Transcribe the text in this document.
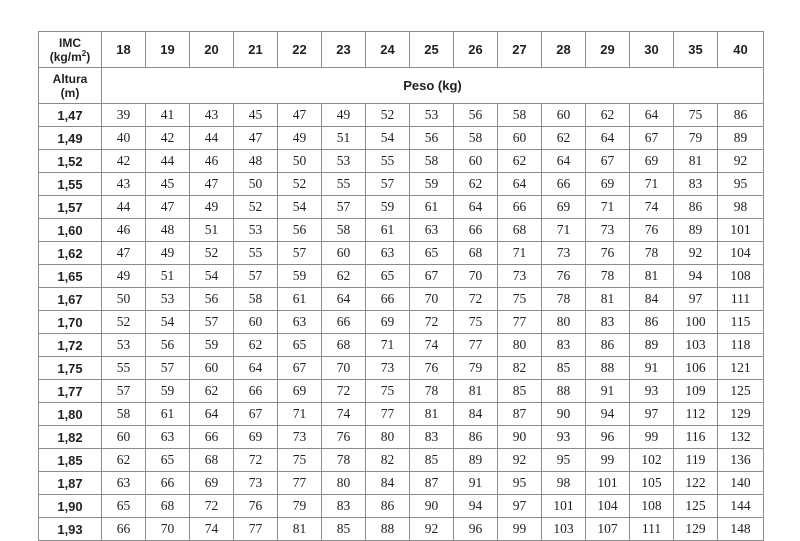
IMC
$(kg/m^2)$	18	19	20	21	22	23	24	25	26	27	28	29	30	35	40

Altura
(m)	Peso (kg)														
1,47	39	41	43	45	47	49	52	53	56	58	60	62	64	75	86
1,49	40	42	44	47	49	51	54	56	58	60	62	64	67	79	89
1,52	42	44	46	48	50	53	55	58	60	62	64	67	69	81	92
1,55	43	45	47	50	52	55	57	59	62	64	66	69	71	83	95
1,57	44	47	49	52	54	57	59	61	64	66	69	71	74	86	98
1,60	46	48	51	53	56	58	61	63	66	68	71	73	76	89	101
1,62	47	49	52	55	57	60	63	65	68	71	73	76	78	92	104
1,65	49	51	54	57	59	62	65	67	70	73	76	78	81	94	108
1,67	50	53	56	58	61	64	66	70	72	75	78	81	84	97	111
1,70	52	54	57	60	63	66	69	72	75	77	80	83	86	100	115
1,72	53	56	59	62	65	68	71	74	77	80	83	86	89	103	118
1,75	55	57	60	64	67	70	73	76	79	82	85	88	91	106	121
1,77	57	59	62	66	69	72	75	78	81	85	88	91	93	109	125
1,80	58	61	64	67	71	74	77	81	84	87	90	94	97	112	129
1,82	60	63	66	69	73	76	80	83	86	90	93	96	99	116	132
1,85	62	65	68	72	75	78	82	85	89	92	95	99	102	119	136
1,87	63	66	69	73	77	80	84	87	91	95	98	101	105	122	140
1,90	65	68	72	76	79	83	86	90	94	97	101	104	108	125	144
1,93	66	70	74	77	81	85	88	92	96	99	103	107	111	129	148
